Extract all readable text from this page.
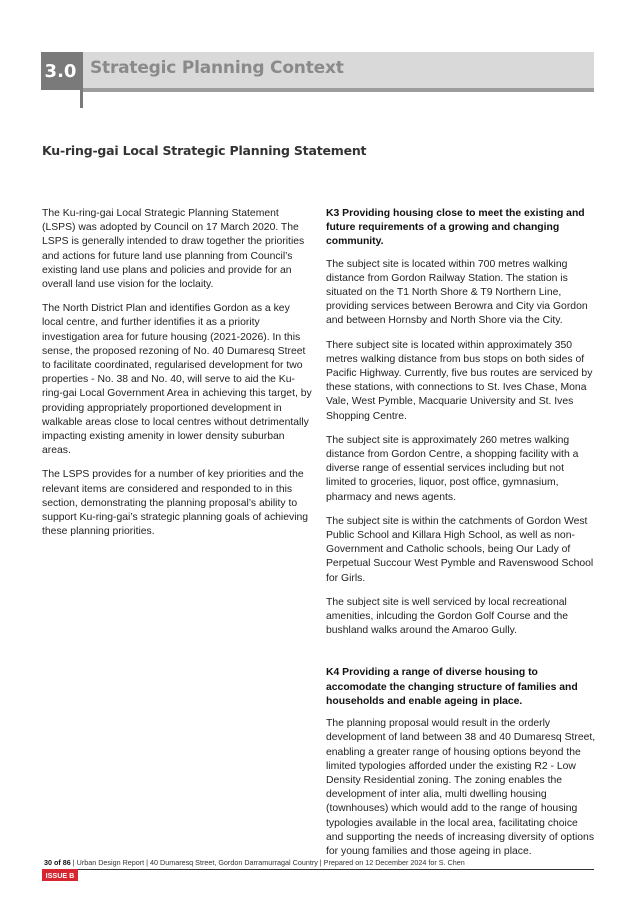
3.0 Strategic Planning Context
Ku-ring-gai Local Strategic Planning Statement

The Ku-ring-gai Local Strategic Planning Statement (LSPS) was adopted by Council on 17 March 2020. The LSPS is generally intended to draw together the priorities and actions for future land use planning from Council’s existing land use plans and policies and provide for an overall land use vision for the loclaity.

The North District Plan and identifies Gordon as a key local centre, and further identifies it as a priority investigation area for future housing (2021-2026). In this sense, the proposed rezoning of No. 40 Dumaresq Street to facilitate coordinated, regularised development for two properties - No. 38 and No. 40, will serve to aid the Ku-ring-gai Local Government Area in achieving this target, by providing appropriately proportioned development in walkable areas close to local centres without detrimentally impacting existing amenity in lower density suburban areas.

The LSPS provides for a number of key priorities and the relevant items are considered and responded to in this section, demonstrating the planning proposal’s ability to support Ku-ring-gai’s strategic planning goals of achieving these planning priorities.

K3 Providing housing close to meet the existing and future requirements of a growing and changing community.

The subject site is located within 700 metres walking distance from Gordon Railway Station. The station is situated on the T1 North Shore & T9 Northern Line, providing services between Berowra and City via Gordon and between Hornsby and North Shore via the City.

There subject site is located within approximately 350 metres walking distance from bus stops on both sides of Pacific Highway. Currently, five bus routes are serviced by these stations, with connections to St. Ives Chase, Mona Vale, West Pymble, Macquarie University and St. Ives Shopping Centre.

The subject site is approximately 260 metres walking distance from Gordon Centre, a shopping facility with a diverse range of essential services including but not limited to groceries, liquor, post office, gymnasium, pharmacy and news agents.

The subject site is within the catchments of Gordon West Public School and Killara High School, as well as non-Government and Catholic schools, being Our Lady of Perpetual Succour West Pymble and Ravenswood School for Girls.

The subject site is well serviced by local recreational amenities, inlcuding the Gordon Golf Course and the bushland walks around the Amaroo Gully.

K4 Providing a range of diverse housing to accomodate the changing structure of families and households and enable ageing in place.

The planning proposal would result in the orderly development of land between 38 and 40 Dumaresq Street, enabling a greater range of housing options beyond the limited typologies afforded under the existing R2 - Low Density Residential zoning. The zoning enables the development of inter alia, multi dwelling housing (townhouses) which would add to the range of housing typologies available in the local area, facilitating choice and supporting the needs of increasing diversity of options for young families and those ageing in place.

30 of 86 | Urban Design Report | 40 Dumaresq Street, Gordon Darramurragal Country | Prepared on 12 December 2024 for S. Chen
ISSUE B
